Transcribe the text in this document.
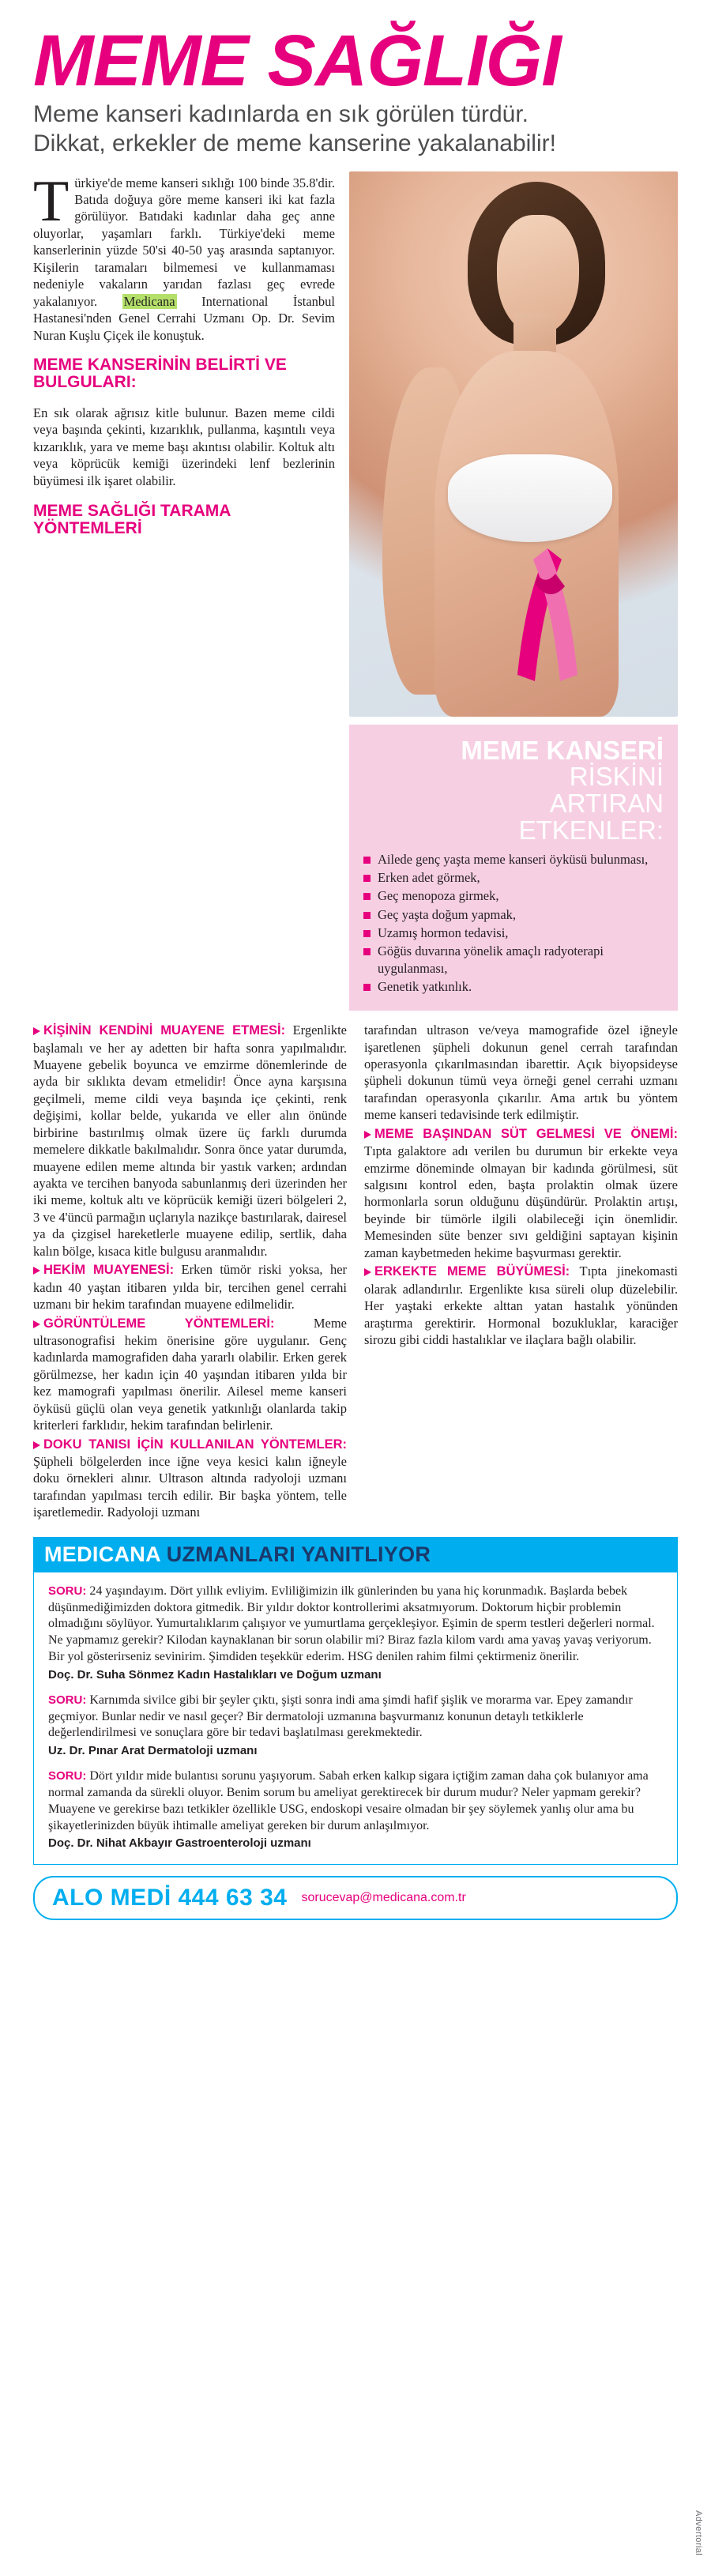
MEME SAĞLIĞI
Meme kanseri kadınlarda en sık görülen türdür. Dikkat, erkekler de meme kanserine yakalanabilir!

Türkiye'de meme kanseri sıklığı 100 binde 35.8'dir. Batıda doğuya göre meme kanseri iki kat fazla görülüyor. Batıdaki kadınlar daha geç anne oluyorlar, yaşamları farklı. Türkiye'deki meme kanserlerinin yüzde 50'si 40-50 yaş arasında saptanıyor. Kişilerin taramaları bilmemesi ve kullanmaması nedeniyle vakaların yarıdan fazlası geç evrede yakalanıyor. Medicana International İstanbul Hastanesi'nden Genel Cerrahi Uzmanı Op. Dr. Sevim Nuran Kuşlu Çiçek ile konuştuk.

MEME KANSERİNİN BELİRTİ VE BULGULARI:

En sık olarak ağrısız kitle bulunur. Bazen meme cildi veya başında çekinti, kızarıklık, pullanma, kaşıntılı veya kızarıklık, yara ve meme başı akıntısı olabilir. Koltuk altı veya köprücük kemiği üzerindeki lenf bezlerinin büyümesi ilk işaret olabilir.

MEME SAĞLIĞI TARAMA YÖNTEMLERİ
MEME KANSERİ
RİSKİNİ
ARTIRAN
ETKENLER:
Ailede genç yaşta meme kanseri öyküsü bulunması,
Erken adet görmek,
Geç menopoza girmek,
Geç yaşta doğum yapmak,
Uzamış hormon tedavisi,
Göğüs duvarına yönelik amaçlı radyoterapi uygulanması,
Genetik yatkınlık.

KİŞİNİN KENDİNİ MUAYENE ETMESİ: Ergenlikte başlamalı ve her ay adetten bir hafta sonra yapılmalıdır. Muayene gebelik boyunca ve emzirme dönemlerinde de ayda bir sıklıkta devam etmelidir! Önce ayna karşısına geçilmeli, meme cildi veya başında içe çekinti, renk değişimi, kollar belde, yukarıda ve eller alın önünde birbirine bastırılmış olmak üzere üç farklı durumda memelere dikkatle bakılmalıdır. Sonra önce yatar durumda, muayene edilen meme altında bir yastık varken; ardından ayakta ve tercihen banyoda sabunlanmış deri üzerinden her iki meme, koltuk altı ve köprücük kemiği üzeri bölgeleri 2, 3 ve 4'üncü parmağın uçlarıyla nazikçe bastırılarak, dairesel ya da çizgisel hareketlerle muayene edilip, sertlik, daha kalın bölge, kısaca kitle bulgusu aranmalıdır.

HEKİM MUAYENESİ: Erken tümör riski yoksa, her kadın 40 yaştan itibaren yılda bir, tercihen genel cerrahi uzmanı bir hekim tarafından muayene edilmelidir.

GÖRÜNTÜLEME YÖNTEMLERİ:	Meme ultrasonografisi hekim önerisine göre uygulanır. Genç kadınlarda mamografiden daha yararlı olabilir. Erken gerek görülmezse, her kadın için 40 yaşından itibaren yılda bir kez mamografi yapılması önerilir. Ailesel meme kanseri öyküsü güçlü olan veya genetik yatkınlığı olanlarda takip kriterleri farklıdır, hekim tarafından belirlenir.

DOKU TANISI İÇİN KULLANILAN YÖNTEMLER: Şüpheli bölgelerden ince iğne veya kesici kalın iğneyle doku örnekleri alınır. Ultrason altında radyoloji uzmanı tarafından yapılması tercih edilir. Bir başka yöntem, telle işaretlemedir. Radyoloji uzmanı

tarafından ultrason ve/veya mamografide özel iğneyle işaretlenen şüpheli dokunun genel cerrah tarafından operasyonla çıkarılmasından ibarettir. Açık biyopsideyse şüpheli dokunun tümü veya örneği genel cerrahi uzmanı tarafından operasyonla çıkarılır. Ama artık bu yöntem meme kanseri tedavisinde terk edilmiştir.

MEME BAŞINDAN SÜT GELMESİ VE ÖNEMİ: Tıpta galaktore adı verilen bu durumun bir erkekte veya emzirme döneminde olmayan bir kadında görülmesi, süt salgısını kontrol eden, başta prolaktin olmak üzere hormonlarla sorun olduğunu düşündürür. Prolaktin artışı, beyinde bir tümörle ilgili olabileceği için önemlidir. Memesinden süte benzer sıvı geldiğini saptayan kişinin zaman kaybetmeden hekime başvurması gerektir.

ERKEKTE MEME BÜYÜMESİ: Tıpta jinekomasti olarak adlandırılır. Ergenlikte kısa süreli olup düzelebilir. Her yaştaki erkekte alttan yatan hastalık yönünden araştırma gerektirir. Hormonal bozukluklar, karaciğer sirozu gibi ciddi hastalıklar ve ilaçlara bağlı olabilir.

MEDICANA UZMANLARI YANITLIYOR
SORU: 24 yaşındayım. Dört yıllık evliyim. Evliliğimizin ilk günlerinden bu yana hiç korunmadık. Başlarda bebek düşünmediğimizden doktora gitmedik. Bir yıldır doktor kontrollerimi aksatmıyorum. Doktorum hiçbir problemin olmadığını söylüyor. Yumurtalıklarım çalışıyor ve yumurtlama gerçekleşiyor. Eşimin de sperm testleri değerleri normal. Ne yapmamız gerekir? Kilodan kaynaklanan bir sorun olabilir mi? Biraz fazla kilom vardı ama yavaş yavaş veriyorum. Bir yol gösterirseniz sevinirim. Şimdiden teşekkür ederim. HSG denilen rahim filmi çektirmeniz önerilir.
Doç. Dr. Suha Sönmez Kadın Hastalıkları ve Doğum uzmanı
SORU: Karnımda sivilce gibi bir şeyler çıktı, şişti sonra indi ama şimdi hafif şişlik ve morarma var. Epey zamandır geçmiyor. Bunlar nedir ve nasıl geçer? Bir dermatoloji uzmanına başvurmanız konunun detaylı tetkiklerle değerlendirilmesi ve sonuçlara göre bir tedavi başlatılması gerekmektedir.
Uz. Dr. Pınar Arat Dermatoloji uzmanı
SORU: Dört yıldır mide bulantısı sorunu yaşıyorum. Sabah erken kalkıp sigara içtiğim zaman daha çok bulanıyor ama normal zamanda da sürekli oluyor. Benim sorum bu ameliyat gerektirecek bir durum mudur? Neler yapmam gerekir? Muayene ve gerekirse bazı tetkikler özellikle USG, endoskopi vesaire olmadan bir şey söylemek yanlış olur ama bu şikayetlerinizden büyük ihtimalle ameliyat gereken bir durum anlaşılmıyor.
Doç. Dr. Nihat Akbayır Gastroenteroloji uzmanı
ALO MEDİ 444 63 34 sorucevap@medicana.com.tr
Advertorial
